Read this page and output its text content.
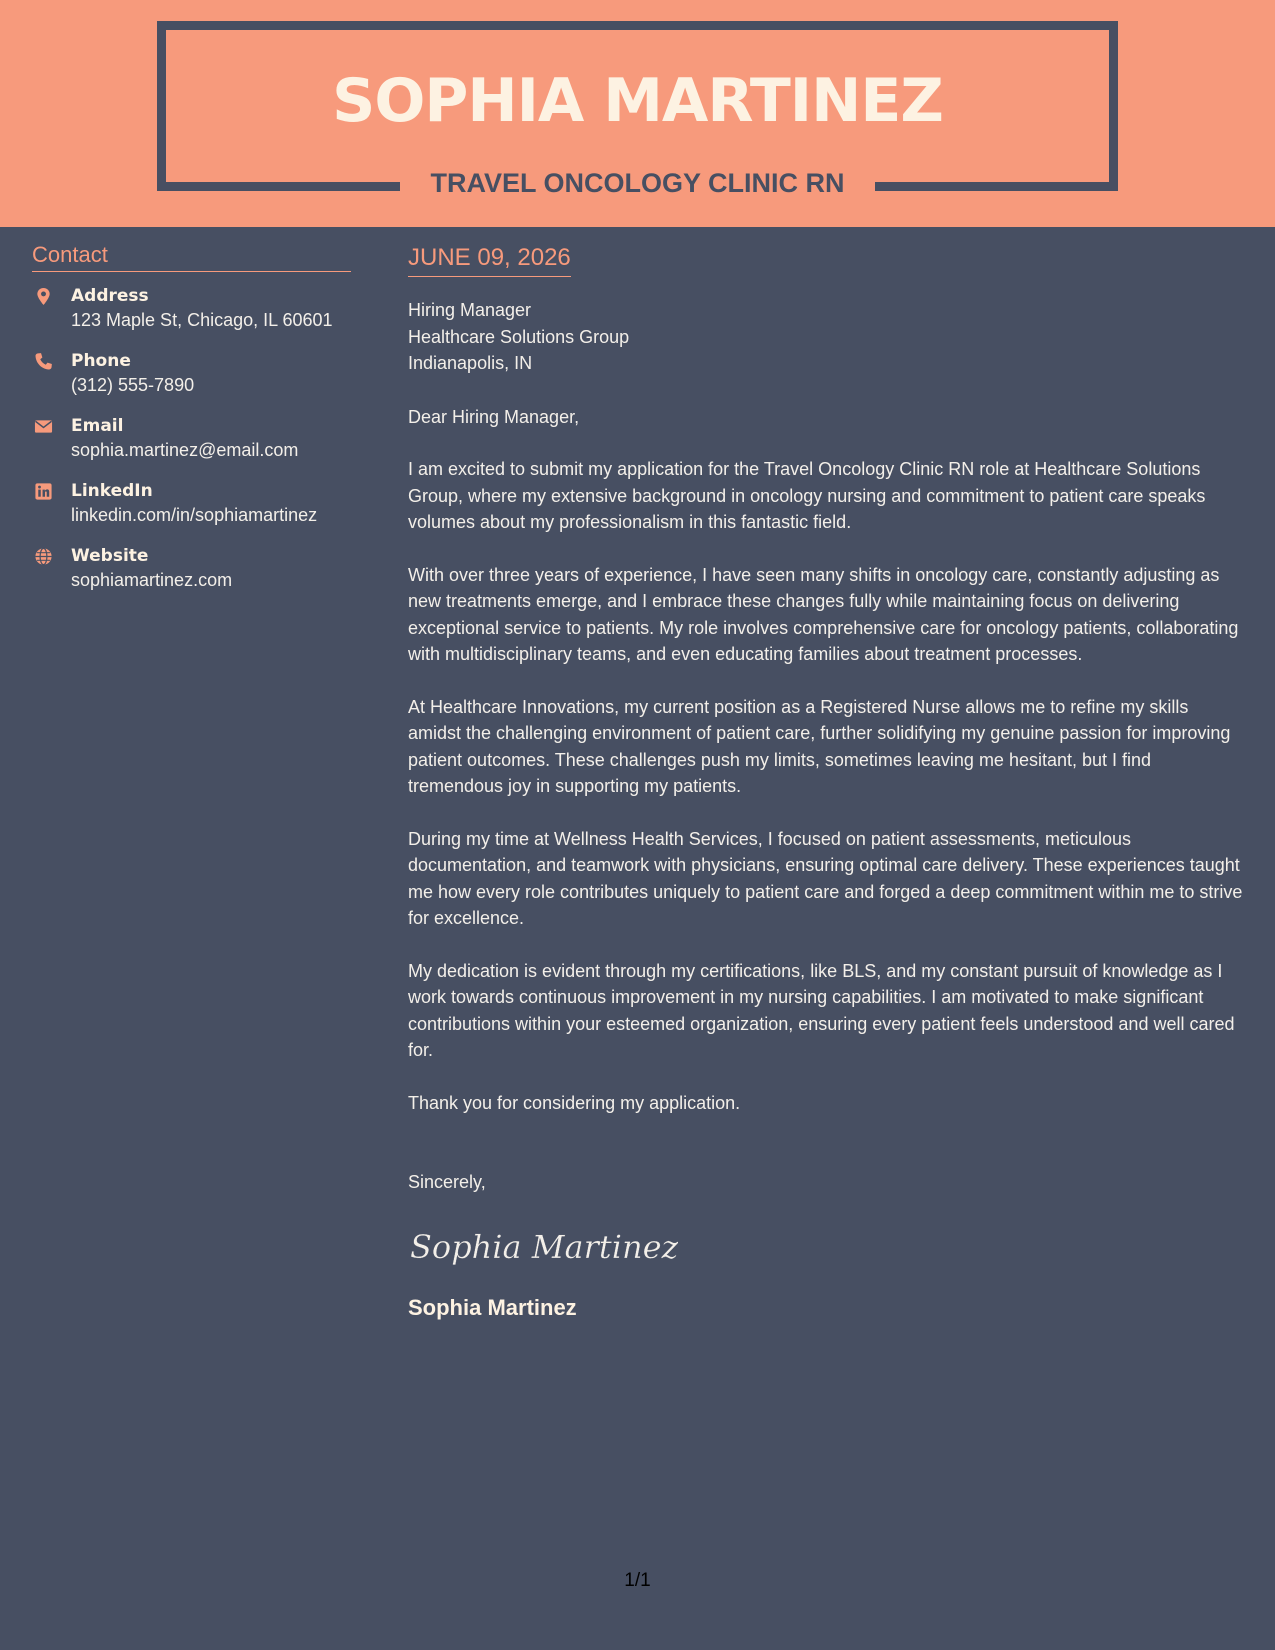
SOPHIA MARTINEZ
TRAVEL ONCOLOGY CLINIC RN
Contact
Address
123 Maple St, Chicago, IL 60601
Phone
(312) 555-7890
Email
sophia.martinez@email.com
LinkedIn
linkedin.com/in/sophiamartinez
Website
sophiamartinez.com
JUNE 09, 2026
Hiring Manager
Healthcare Solutions Group
Indianapolis, IN
Dear Hiring Manager,

I am excited to submit my application for the Travel Oncology Clinic RN role at Healthcare Solutions Group, where my extensive background in oncology nursing and commitment to patient care speaks volumes about my professionalism in this fantastic field.

With over three years of experience, I have seen many shifts in oncology care, constantly adjusting as new treatments emerge, and I embrace these changes fully while maintaining focus on delivering exceptional service to patients. My role involves comprehensive care for oncology patients, collaborating with multidisciplinary teams, and even educating families about treatment processes.

At Healthcare Innovations, my current position as a Registered Nurse allows me to refine my skills amidst the challenging environment of patient care, further solidifying my genuine passion for improving patient outcomes. These challenges push my limits, sometimes leaving me hesitant, but I find tremendous joy in supporting my patients.

During my time at Wellness Health Services, I focused on patient assessments, meticulous documentation, and teamwork with physicians, ensuring optimal care delivery. These experiences taught me how every role contributes uniquely to patient care and forged a deep commitment within me to strive for excellence.

My dedication is evident through my certifications, like BLS, and my constant pursuit of knowledge as I work towards continuous improvement in my nursing capabilities. I am motivated to make significant contributions within your esteemed organization, ensuring every patient feels understood and well cared for.

Thank you for considering my application.

Sincerely,
Sophia Martinez
Sophia Martinez
1/1
